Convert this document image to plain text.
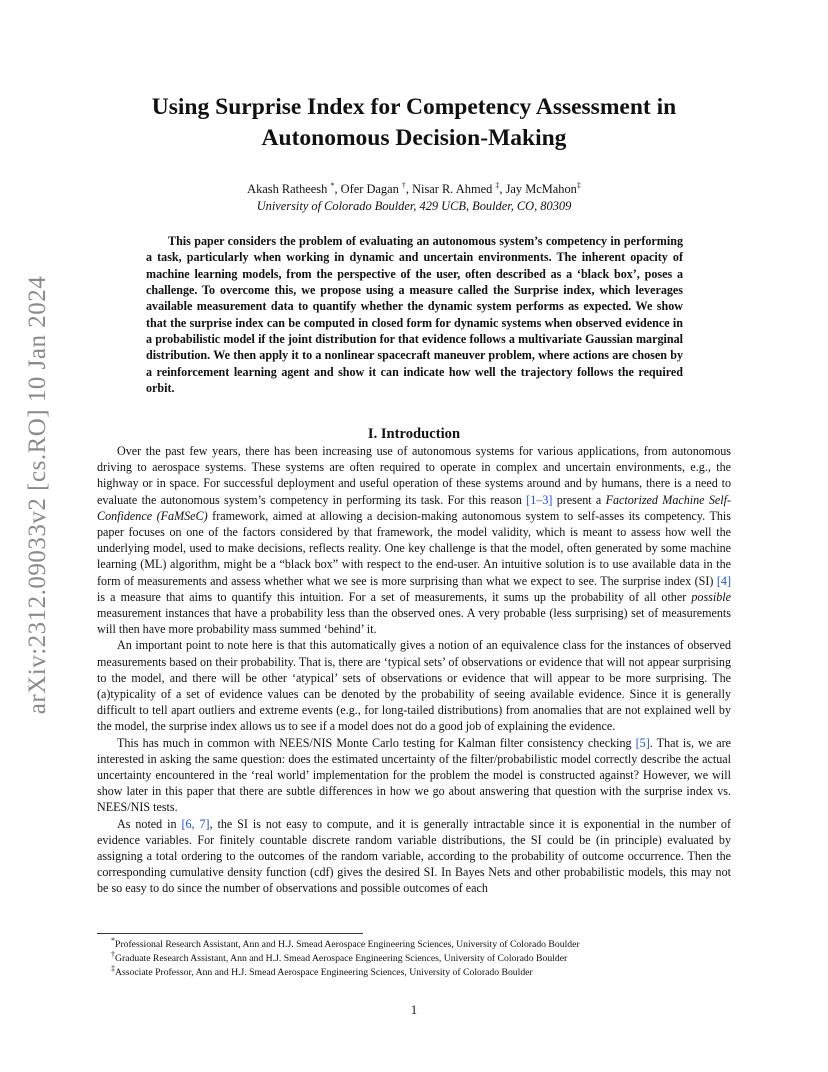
arXiv:2312.09033v2 [cs.RO] 10 Jan 2024
Using Surprise Index for Competency Assessment in Autonomous Decision-Making
Akash Ratheesh *, Ofer Dagan †, Nisar R. Ahmed ‡, Jay McMahon‡
University of Colorado Boulder, 429 UCB, Boulder, CO, 80309

This paper considers the problem of evaluating an autonomous system’s competency in performing a task, particularly when working in dynamic and uncertain environments. The inherent opacity of machine learning models, from the perspective of the user, often described as a ‘black box’, poses a challenge. To overcome this, we propose using a measure called the Surprise index, which leverages available measurement data to quantify whether the dynamic system performs as expected. We show that the surprise index can be computed in closed form for dynamic systems when observed evidence in a probabilistic model if the joint distribution for that evidence follows a multivariate Gaussian marginal distribution. We then apply it to a nonlinear spacecraft maneuver problem, where actions are chosen by a reinforcement learning agent and show it can indicate how well the trajectory follows the required orbit.

I. Introduction

Over the past few years, there has been increasing use of autonomous systems for various applications, from autonomous driving to aerospace systems. These systems are often required to operate in complex and uncertain environments, e.g., the highway or in space. For successful deployment and useful operation of these systems around and by humans, there is a need to evaluate the autonomous system’s competency in performing its task. For this reason [1–3] present a Factorized Machine Self-Confidence (FaMSeC) framework, aimed at allowing a decision-making autonomous system to self-asses its competency. This paper focuses on one of the factors considered by that framework, the model validity, which is meant to assess how well the underlying model, used to make decisions, reflects reality. One key challenge is that the model, often generated by some machine learning (ML) algorithm, might be a “black box” with respect to the end-user. An intuitive solution is to use available data in the form of measurements and assess whether what we see is more surprising than what we expect to see. The surprise index (SI) [4] is a measure that aims to quantify this intuition. For a set of measurements, it sums up the probability of all other possible measurement instances that have a probability less than the observed ones. A very probable (less surprising) set of measurements will then have more probability mass summed ‘behind’ it.

An important point to note here is that this automatically gives a notion of an equivalence class for the instances of observed measurements based on their probability. That is, there are ‘typical sets’ of observations or evidence that will not appear surprising to the model, and there will be other ‘atypical’ sets of observations or evidence that will appear to be more surprising. The (a)typicality of a set of evidence values can be denoted by the probability of seeing available evidence. Since it is generally difficult to tell apart outliers and extreme events (e.g., for long-tailed distributions) from anomalies that are not explained well by the model, the surprise index allows us to see if a model does not do a good job of explaining the evidence.

This has much in common with NEES/NIS Monte Carlo testing for Kalman filter consistency checking [5]. That is, we are interested in asking the same question: does the estimated uncertainty of the filter/probabilistic model correctly describe the actual uncertainty encountered in the ‘real world’ implementation for the problem the model is constructed against? However, we will show later in this paper that there are subtle differences in how we go about answering that question with the surprise index vs. NEES/NIS tests.

As noted in [6, 7], the SI is not easy to compute, and it is generally intractable since it is exponential in the number of evidence variables. For finitely countable discrete random variable distributions, the SI could be (in principle) evaluated by assigning a total ordering to the outcomes of the random variable, according to the probability of outcome occurrence. Then the corresponding cumulative density function (cdf) gives the desired SI. In Bayes Nets and other probabilistic models, this may not be so easy to do since the number of observations and possible outcomes of each

*Professional Research Assistant, Ann and H.J. Smead Aerospace Engineering Sciences, University of Colorado Boulder
†Graduate Research Assistant, Ann and H.J. Smead Aerospace Engineering Sciences, University of Colorado Boulder
‡Associate Professor, Ann and H.J. Smead Aerospace Engineering Sciences, University of Colorado Boulder
1
